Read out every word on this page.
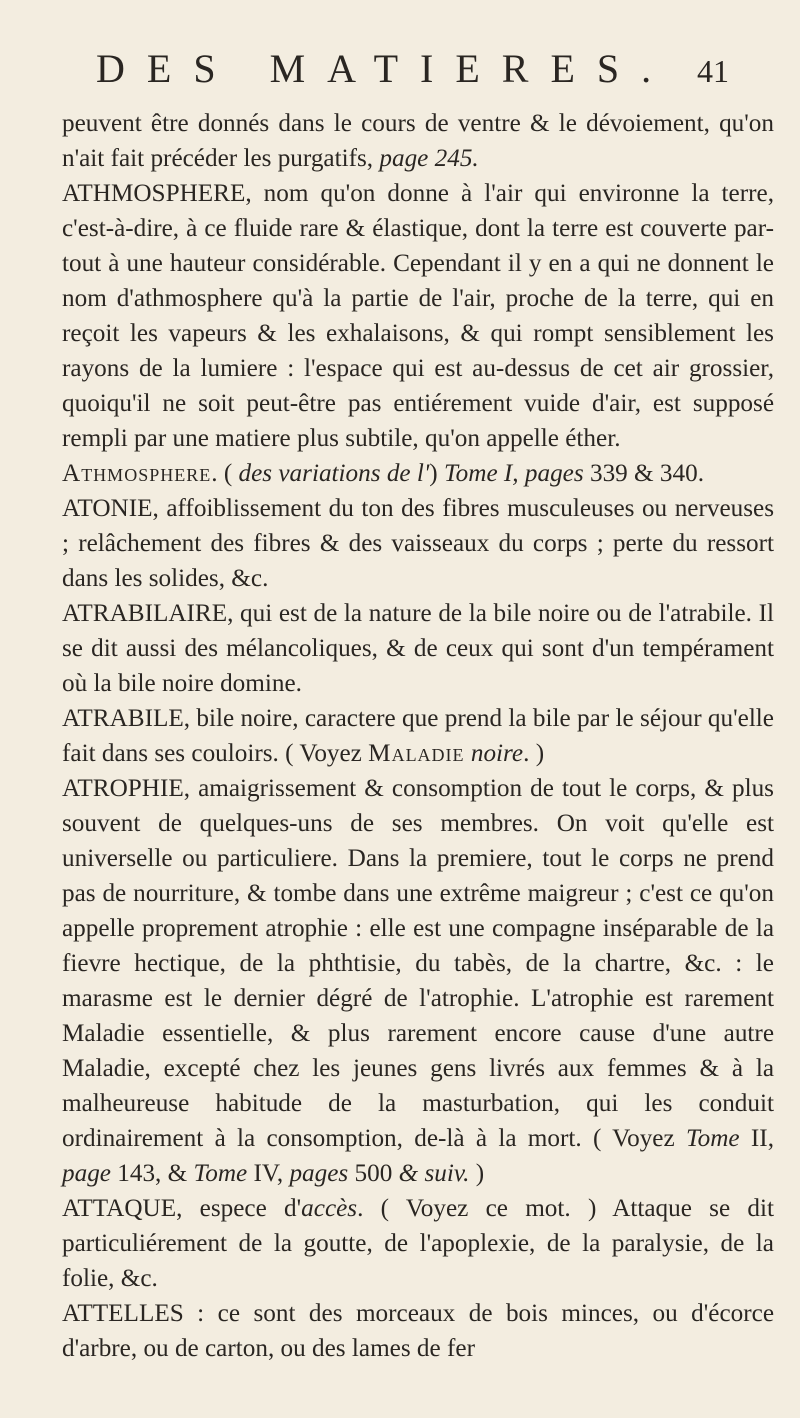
DES MATIERES. 41

peuvent être donnés dans le cours de ventre & le dévoiement, qu'on n'ait fait précéder les purgatifs, page 245.

ATHMOSPHERE, nom qu'on donne à l'air qui environne la terre, c'est-à-dire, à ce fluide rare & élastique, dont la terre est couverte par-tout à une hauteur considérable. Cependant il y en a qui ne donnent le nom d'athmosphere qu'à la partie de l'air, proche de la terre, qui en reçoit les vapeurs & les exhalaisons, & qui rompt sensiblement les rayons de la lumiere : l'espace qui est au-dessus de cet air grossier, quoiqu'il ne soit peut-être pas entiérement vuide d'air, est supposé rempli par une matiere plus subtile, qu'on appelle éther.

Athmosphere. ( des variations de l') Tome I, pages 339 & 340.

ATONIE, affoiblissement du ton des fibres musculeuses ou nerveuses ; relâchement des fibres & des vaisseaux du corps ; perte du ressort dans les solides, &c.

ATRABILAIRE, qui est de la nature de la bile noire ou de l'atrabile. Il se dit aussi des mélancoliques, & de ceux qui sont d'un tempérament où la bile noire domine.

ATRABILE, bile noire, caractere que prend la bile par le séjour qu'elle fait dans ses couloirs. ( Voyez Maladie noire. )

ATROPHIE, amaigrissement & consomption de tout le corps, & plus souvent de quelques-uns de ses membres. On voit qu'elle est universelle ou particuliere. Dans la premiere, tout le corps ne prend pas de nourriture, & tombe dans une extrême maigreur ; c'est ce qu'on appelle proprement atrophie : elle est une compagne inséparable de la fievre hectique, de la phthtisie, du tabès, de la chartre, &c. : le marasme est le dernier dégré de l'atrophie. L'atrophie est rarement Maladie essentielle, & plus rarement encore cause d'une autre Maladie, excepté chez les jeunes gens livrés aux femmes & à la malheureuse habitude de la masturbation, qui les conduit ordinairement à la consomption, de-là à la mort. ( Voyez Tome II, page 143, & Tome IV, pages 500 & suiv. )

ATTAQUE, espece d'accès. ( Voyez ce mot. ) Attaque se dit particuliérement de la goutte, de l'apoplexie, de la paralysie, de la folie, &c.

ATTELLES : ce sont des morceaux de bois minces, ou d'écorce d'arbre, ou de carton, ou des lames de fer
